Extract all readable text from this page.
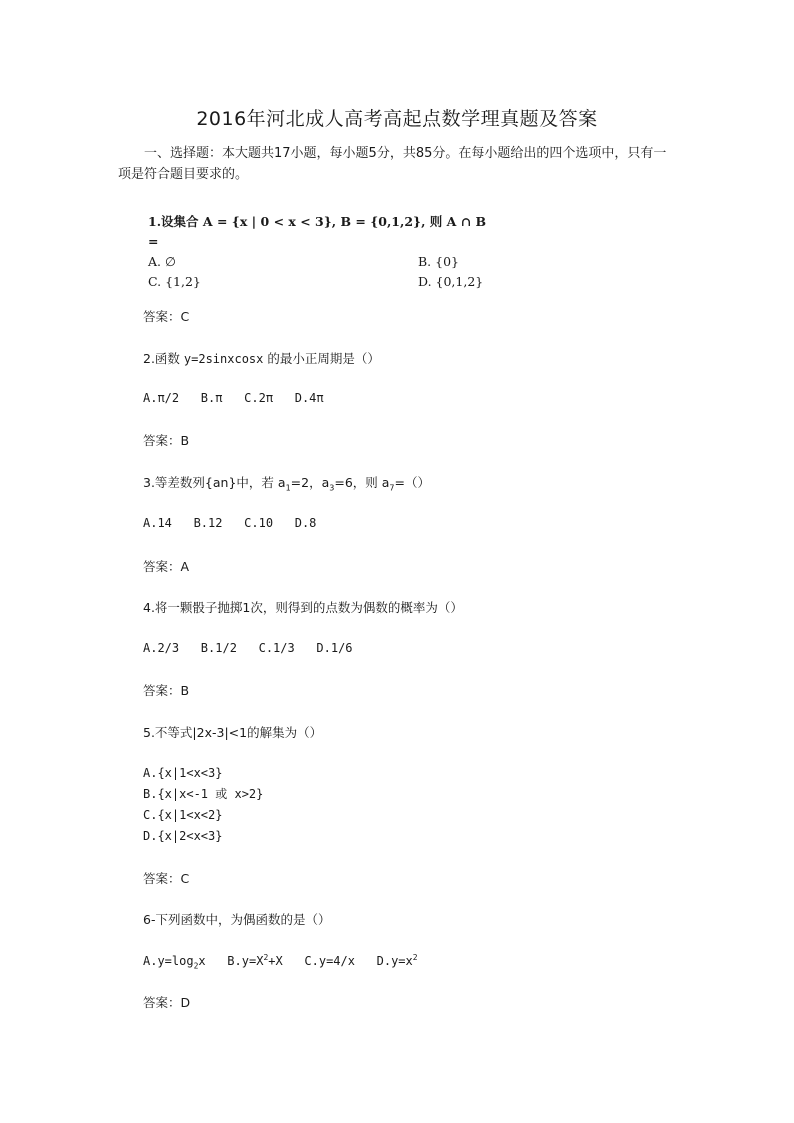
2016年河北成人高考高起点数学理真题及答案
一、选择题：本大题共17小题，每小题5分，共85分。在每小题给出的四个选项中，只有一项是符合题目要求的。
1.设集合 A = {x | 0 < x < 3}, B = {0,1,2}, 则 A ∩ B =
A. ∅	B. {0}
C. {1,2}	D. {0,1,2}
答案：C
2.函数 y=2sinxcosx 的最小正周期是（）
A.π/2   B.π   C.2π   D.4π
答案：B
3.等差数列{an}中，若 $a_1=2$，$a_3=6$，则 $a_7=()$
A.14   B.12   C.10   D.8
答案：A
4.将一颗骰子抛掷1次，则得到的点数为偶数的概率为（）
A.2/3   B.1/2   C.1/3   D.1/6
答案：B
5.不等式|2x-3|<1的解集为（）
A.{x|1<x<3}
B.{x|x<-1 或 x>2}
C.{x|1<x<2}
D.{x|2<x<3}
答案：C
6-下列函数中，为偶函数的是（）
$A.y=\log_2x$   $B.y=X^2+X$   C.y=4/x   $D.y=x^2$
答案：D
